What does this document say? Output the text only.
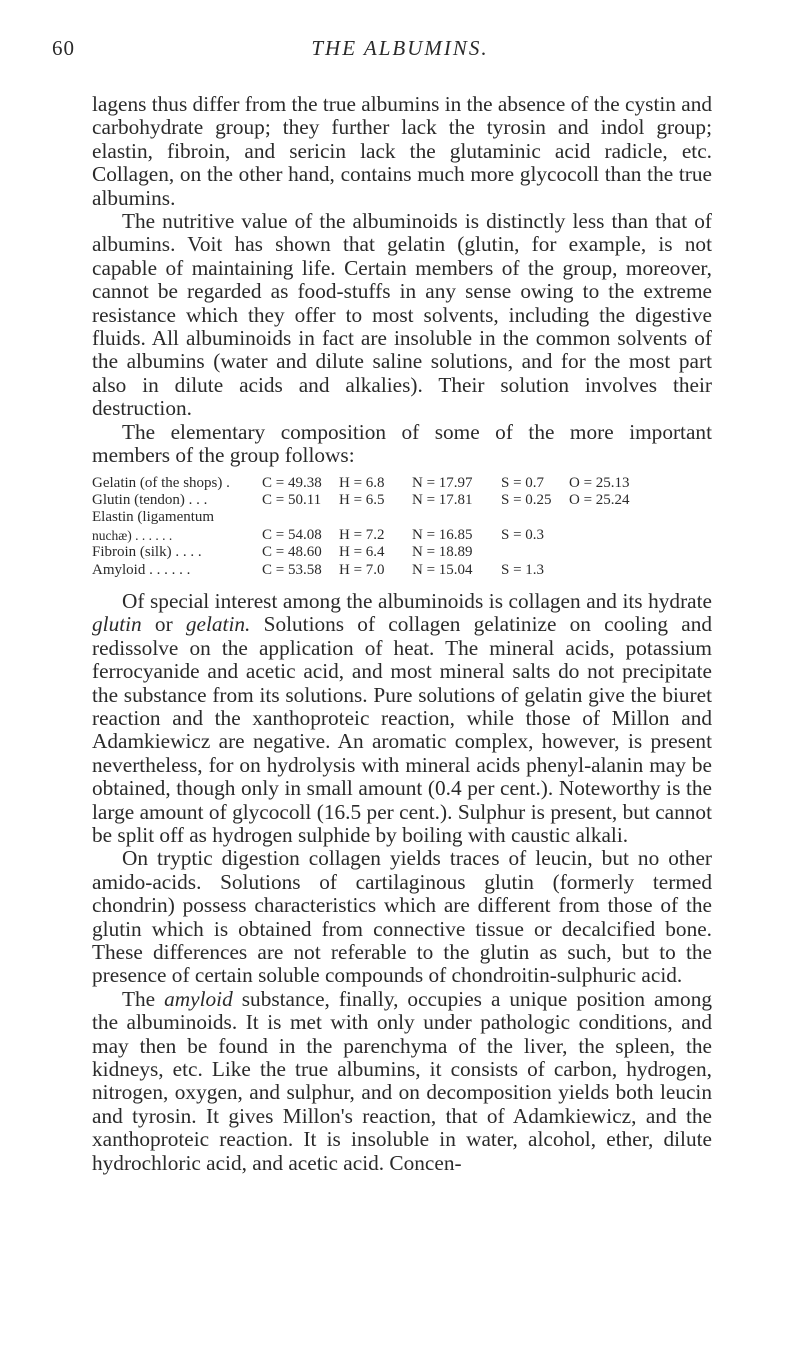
60	THE ALBUMINS.

lagens thus differ from the true albumins in the absence of the cystin and carbohydrate group; they further lack the tyrosin and indol group; elastin, fibroin, and sericin lack the glutaminic acid radicle, etc. Collagen, on the other hand, contains much more glycocoll than the true albumins.

The nutritive value of the albuminoids is distinctly less than that of albumins. Voit has shown that gelatin (glutin, for example, is not capable of maintaining life. Certain members of the group, moreover, cannot be regarded as food-stuffs in any sense owing to the extreme resistance which they offer to most solvents, including the digestive fluids. All albuminoids in fact are insoluble in the common solvents of the albumins (water and dilute saline solutions, and for the most part also in dilute acids and alkalies). Their solution involves their destruction.

The elementary composition of some of the more important members of the group follows:

Gelatin (of the shops) .	C = 49.38	H = 6.8	N = 17.97	S = 0.7	O = 25.13
Glutin (tendon) . . .	C = 50.11	H = 6.5	N = 17.81	S = 0.25	O = 25.24
Elastin (ligamentum					
nuchæ) . . . . . .	C = 54.08	H = 7.2	N = 16.85	S = 0.3	
Fibroin (silk) . . . .	C = 48.60	H = 6.4	N = 18.89		
Amyloid . . . . . .	C = 53.58	H = 7.0	N = 15.04	S = 1.3	

Of special interest among the albuminoids is collagen and its hydrate glutin or gelatin. Solutions of collagen gelatinize on cooling and redissolve on the application of heat. The mineral acids, potassium ferrocyanide and acetic acid, and most mineral salts do not precipitate the substance from its solutions. Pure solutions of gelatin give the biuret reaction and the xanthoproteic reaction, while those of Millon and Adamkiewicz are negative. An aromatic complex, however, is present nevertheless, for on hydrolysis with mineral acids phenyl-alanin may be obtained, though only in small amount (0.4 per cent.). Noteworthy is the large amount of glycocoll (16.5 per cent.). Sulphur is present, but cannot be split off as hydrogen sulphide by boiling with caustic alkali.

On tryptic digestion collagen yields traces of leucin, but no other amido-acids. Solutions of cartilaginous glutin (formerly termed chondrin) possess characteristics which are different from those of the glutin which is obtained from connective tissue or decalcified bone. These differences are not referable to the glutin as such, but to the presence of certain soluble compounds of chondroitin-sulphuric acid.

The amyloid substance, finally, occupies a unique position among the albuminoids. It is met with only under pathologic conditions, and may then be found in the parenchyma of the liver, the spleen, the kidneys, etc. Like the true albumins, it consists of carbon, hydrogen, nitrogen, oxygen, and sulphur, and on decomposition yields both leucin and tyrosin. It gives Millon's reaction, that of Adamkiewicz, and the xanthoproteic reaction. It is insoluble in water, alcohol, ether, dilute hydrochloric acid, and acetic acid. Concen-
